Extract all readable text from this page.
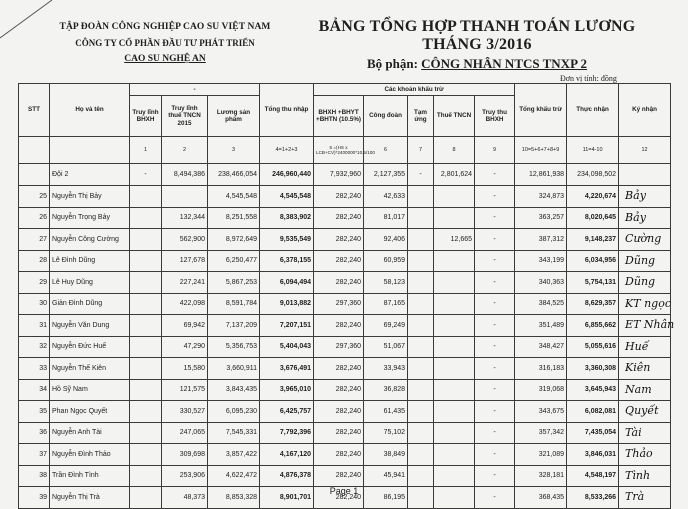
TẬP ĐOÀN CÔNG NGHIỆP CAO SU VIỆT NAM
CÔNG TY CỔ PHẦN ĐẦU TƯ PHÁT TRIỂN
CAO SU NGHỆ AN
BẢNG TỔNG HỢP THANH TOÁN LƯƠNG THÁNG 3/2016
Bộ phận: CÔNG NHÂN NTCS TNXP 2
Đơn vị tính: đồng
STT	Họ và tên	-			Tổng thu nhập	Các khoản khấu trừ					Tổng khấu trừ	Thực nhận	Ký nhận
		Truy lĩnh BHXH	Truy lĩnh thuế TNCN 2015	Lương sản phẩm		BHXH +BHYT +BHTN (10.5%)	Công đoàn	Tạm ứng	Thuế TNCN	Truy thu BHXH			
		1	2	3	4=1+2+3	5 =(HS x LCB+CV)*2400000*10.5/100	6	7	8	9	10=5+6+7+8+9	11=4-10	12
	Đội 2	-	8,494,386	238,466,054	246,960,440	7,932,960	2,127,355	-	2,801,624	-	12,861,938	234,098,502	
25	Nguyễn Thị Bảy			4,545,548	4,545,548	282,240	42,633			-	324,873	4,220,674	Bảy

26	Nguyễn Trọng Bảy		132,344	8,251,558	8,383,902	282,240	81,017			-	363,257	8,020,645	Bảy

27	Nguyễn Công Cường		562,900	8,972,649	9,535,549	282,240	92,406		12,665	-	387,312	9,148,237	Cường

28	Lê Đình Dũng		127,678	6,250,477	6,378,155	282,240	60,959			-	343,199	6,034,956	Dũng

29	Lê Huy Dũng		227,241	5,867,253	6,094,494	282,240	58,123			-	340,363	5,754,131	Dũng

30	Giản Đình Dũng		422,098	8,591,784	9,013,882	297,360	87,165			-	384,525	8,629,357	KT ngọc

31	Nguyễn Văn Dung		69,942	7,137,209	7,207,151	282,240	69,249			-	351,489	6,855,662	ET Nhân

32	Nguyễn Đức Huế		47,290	5,356,753	5,404,043	297,360	51,067			-	348,427	5,055,616	Huế

33	Nguyễn Thế Kiên		15,580	3,660,911	3,676,491	282,240	33,943			-	316,183	3,360,308	Kiên

34	Hồ Sỹ Nam		121,575	3,843,435	3,965,010	282,240	36,828			-	319,068	3,645,943	Nam

35	Phan Ngọc Quyết		330,527	6,095,230	6,425,757	282,240	61,435			-	343,675	6,082,081	Quyết

36	Nguyễn Anh Tài		247,065	7,545,331	7,792,396	282,240	75,102			-	357,342	7,435,054	Tài

37	Nguyễn Đình Thảo		309,698	3,857,422	4,167,120	282,240	38,849			-	321,089	3,846,031	Thảo

38	Trần Đình Tình		253,906	4,622,472	4,876,378	282,240	45,941			-	328,181	4,548,197	Tình

39	Nguyễn Thị Trà		48,373	8,853,328	8,901,701	282,240	86,195			-	368,435	8,533,266	Trà
Page 1
